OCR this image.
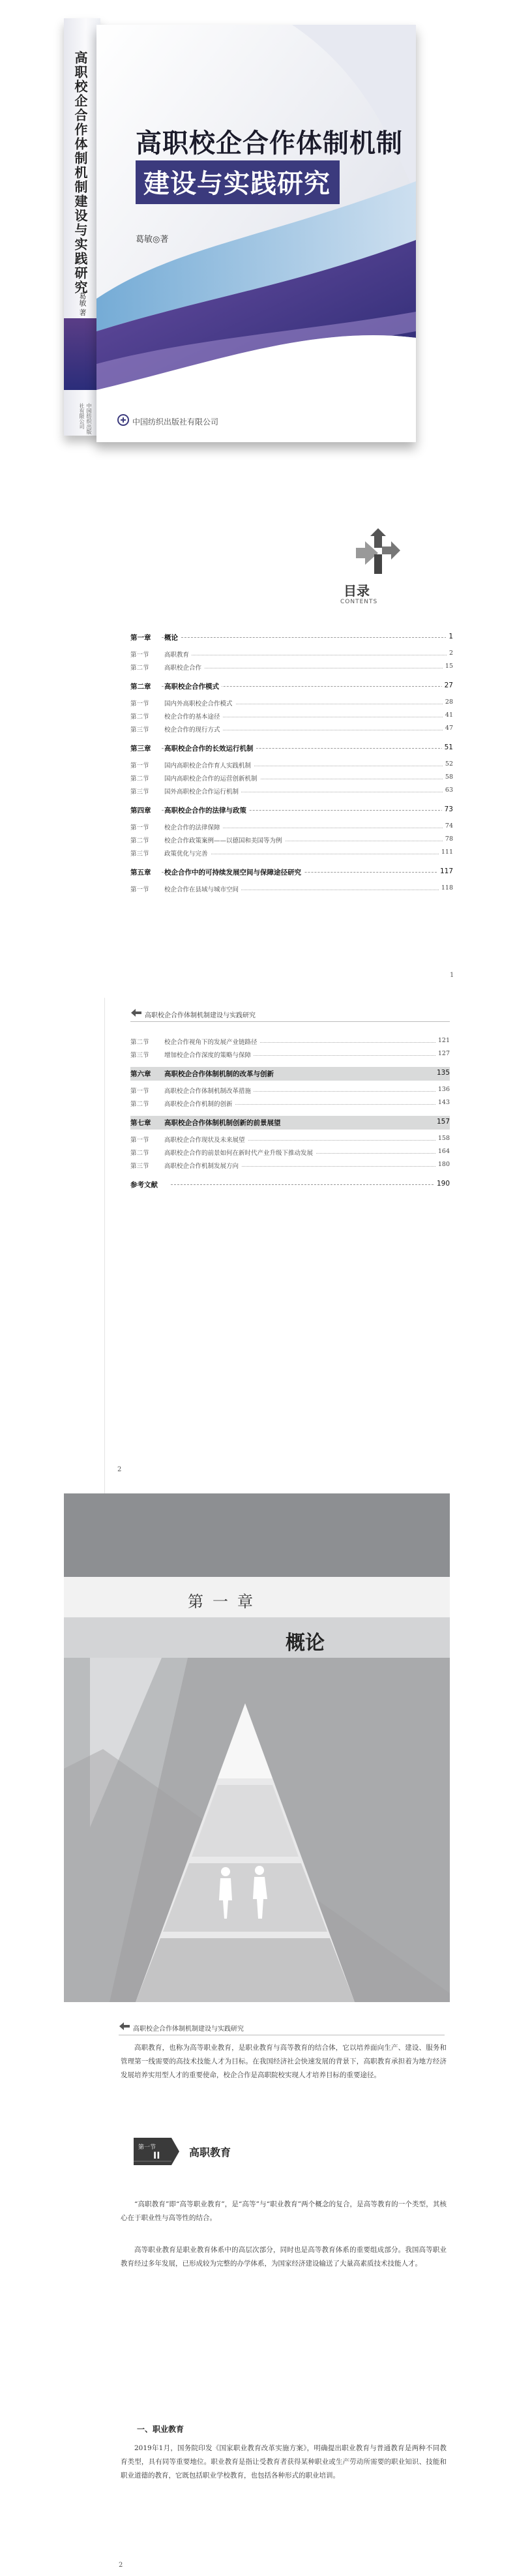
高职校企合作体制机制建设与实践研究
葛敏 著
中国纺织出版社有限公司
高职校企合作体制机制
建设与实践研究
葛敏◎著
中国纺织出版社有限公司
目录
CONTENTS
第一章 概论	1
第一节 高职教育	2
第二节 高职校企合作	15
第二章 高职校企合作模式	27
第一节 国内外高职校企合作模式	28
第二节 校企合作的基本途径	41
第三节 校企合作的现行方式	47
第三章 高职校企合作的长效运行机制	51
第一节 国内高职校企合作育人实践机制	52
第二节 国内高职校企合作的运营创新机制	58
第三节 国外高职校企合作运行机制	63
第四章 高职校企合作的法律与政策	73
第一节 校企合作的法律保障	74
第二节 校企合作政策案例——以德国和美国等为例	78
第三节 政策优化与完善	111
第五章 校企合作中的可持续发展空间与保障途径研究	117
第一节 校企合作在县域与城市空间	118
1
高职校企合作体制机制建设与实践研究
第二节 校企合作视角下的发展产业链路径	121
第三节 增加校企合作深度的策略与保障	127
第六章 高职校企合作体制机制的改革与创新	135
第一节 高职校企合作体制机制改革措施	136
第二节 高职校企合作机制的创新	143
第七章 高职校企合作体制机制创新的前景展望	157
第一节 高职校企合作现状及未来展望	158
第二节 高职校企合作的前景如何在新时代产业升级下推动发展	164
第三节 高职校企合作机制发展方向	180
参考文献	190
2
第一章
概论
高职校企合作体制机制建设与实践研究

高职教育，也称为高等职业教育，是职业教育与高等教育的结合体，它以培养面向生产、建设、服务和管理第一线需要的高技术技能人才为目标。在我国经济社会快速发展的背景下，高职教育承担着为地方经济发展培养实用型人才的重要使命，校企合作是高职院校实现人才培养目标的重要途径。

II
第一节	高职教育

“高职教育”即“高等职业教育”，是“高等”与“职业教育”两个概念的复合，是高等教育的一个类型，其核心在于职业性与高等性的结合。

高等职业教育是职业教育体系中的高层次部分，同时也是高等教育体系的重要组成部分。我国高等职业教育经过多年发展，已形成较为完整的办学体系，为国家经济建设输送了大量高素质技术技能人才。

一、职业教育

2019年1月，国务院印发《国家职业教育改革实施方案》，明确提出职业教育与普通教育是两种不同教育类型，具有同等重要地位。职业教育是指让受教育者获得某种职业或生产劳动所需要的职业知识、技能和职业道德的教育，它既包括职业学校教育，也包括各种形式的职业培训。

2
